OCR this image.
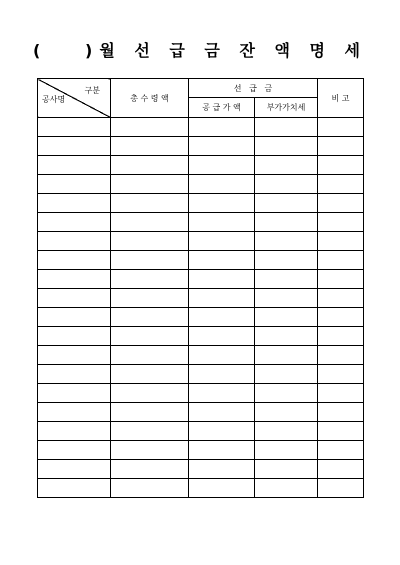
(   )월 선 급 금 잔 액 명 세
구분
공사명	총 수 령 액	선   급   금		비 고
		공 급 가 액	부가가치세	
